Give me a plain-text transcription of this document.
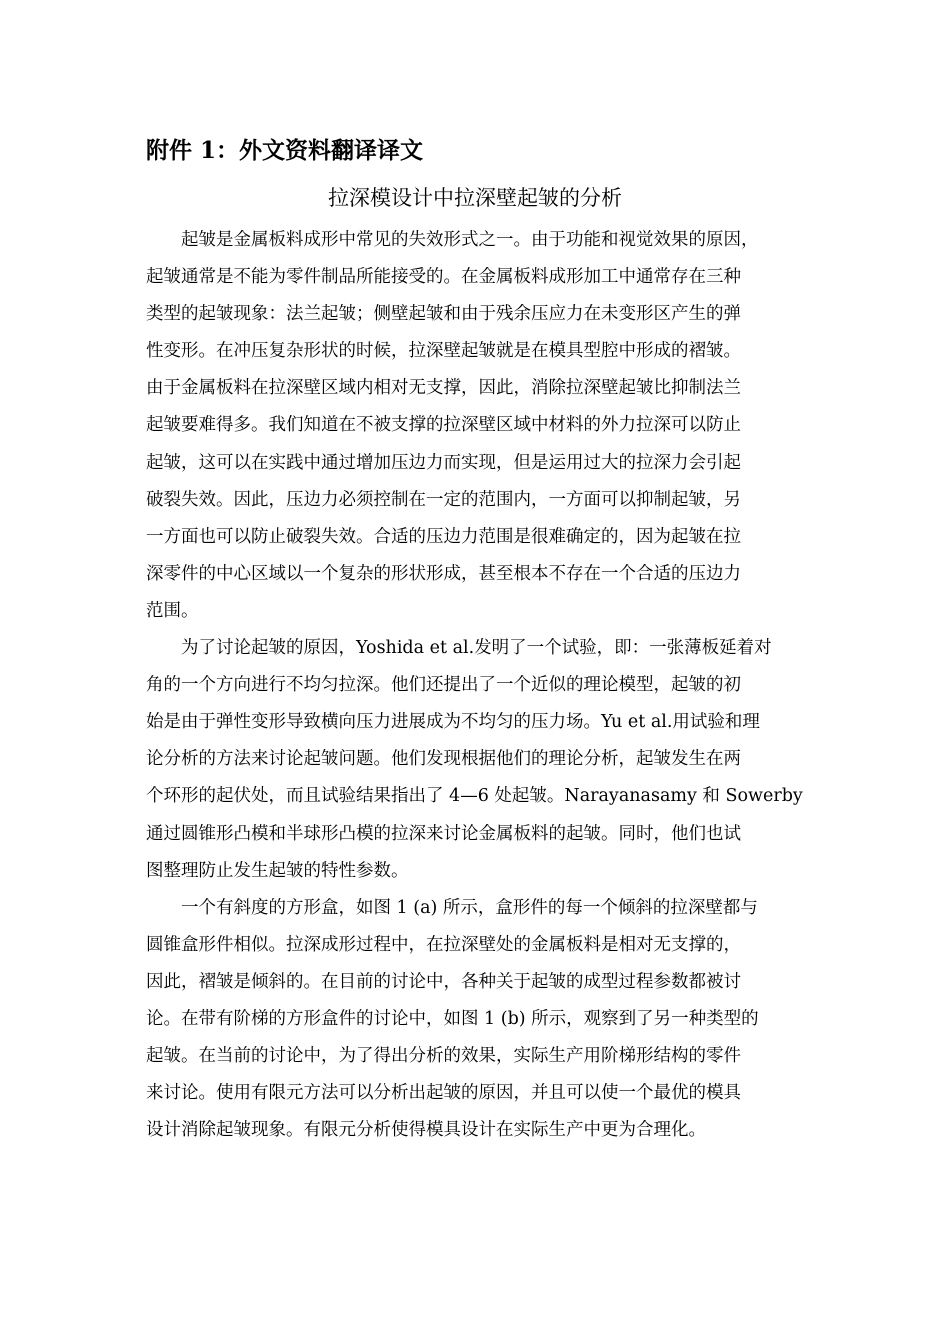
附件 1：外文资料翻译译文
拉深模设计中拉深壁起皱的分析
起皱是金属板料成形中常见的失效形式之一。由于功能和视觉效果的原因，
起皱通常是不能为零件制品所能接受的。在金属板料成形加工中通常存在三种
类型的起皱现象：法兰起皱；侧壁起皱和由于残余压应力在未变形区产生的弹
性变形。在冲压复杂形状的时候，拉深壁起皱就是在模具型腔中形成的褶皱。
由于金属板料在拉深壁区域内相对无支撑，因此，消除拉深壁起皱比抑制法兰
起皱要难得多。我们知道在不被支撑的拉深壁区域中材料的外力拉深可以防止
起皱，这可以在实践中通过增加压边力而实现，但是运用过大的拉深力会引起
破裂失效。因此，压边力必须控制在一定的范围内，一方面可以抑制起皱，另
一方面也可以防止破裂失效。合适的压边力范围是很难确定的，因为起皱在拉
深零件的中心区域以一个复杂的形状形成，甚至根本不存在一个合适的压边力
范围。
为了讨论起皱的原因，Yoshida et al.发明了一个试验，即：一张薄板延着对
角的一个方向进行不均匀拉深。他们还提出了一个近似的理论模型，起皱的初
始是由于弹性变形导致横向压力进展成为不均匀的压力场。Yu et al.用试验和理
论分析的方法来讨论起皱问题。他们发现根据他们的理论分析，起皱发生在两
个环形的起伏处，而且试验结果指出了 4—6 处起皱。Narayanasamy 和 Sowerby
通过圆锥形凸模和半球形凸模的拉深来讨论金属板料的起皱。同时，他们也试
图整理防止发生起皱的特性参数。
一个有斜度的方形盒，如图 1 (a) 所示，盒形件的每一个倾斜的拉深壁都与
圆锥盒形件相似。拉深成形过程中，在拉深壁处的金属板料是相对无支撑的，
因此，褶皱是倾斜的。在目前的讨论中，各种关于起皱的成型过程参数都被讨
论。在带有阶梯的方形盒件的讨论中，如图 1 (b) 所示，观察到了另一种类型的
起皱。在当前的讨论中，为了得出分析的效果，实际生产用阶梯形结构的零件
来讨论。使用有限元方法可以分析出起皱的原因，并且可以使一个最优的模具
设计消除起皱现象。有限元分析使得模具设计在实际生产中更为合理化。
